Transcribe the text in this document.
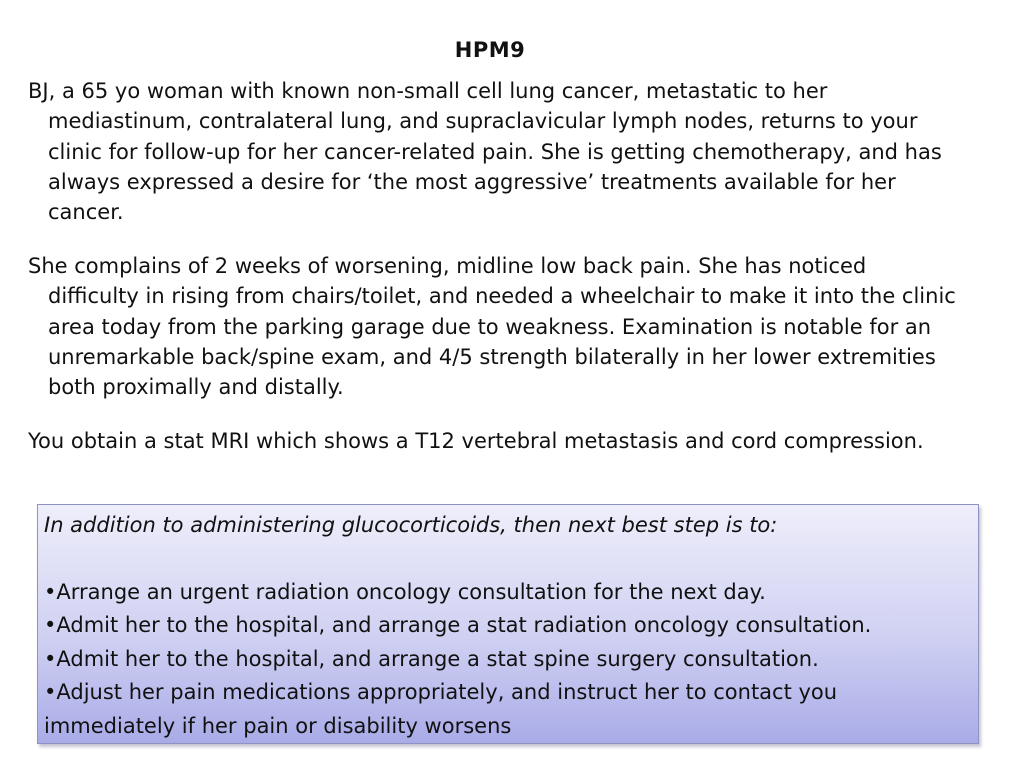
HPM9

BJ, a 65 yo woman with known non-small cell lung cancer, metastatic to her mediastinum, contralateral lung, and supraclavicular lymph nodes, returns to your clinic for follow-up for her cancer-related pain. She is getting chemotherapy, and has always expressed a desire for ‘the most aggressive’ treatments available for her cancer.

She complains of 2 weeks of worsening, midline low back pain. She has noticed difficulty in rising from chairs/toilet, and needed a wheelchair to make it into the clinic area today from the parking garage due to weakness. Examination is notable for an unremarkable back/spine exam, and 4/5 strength bilaterally in her lower extremities both proximally and distally.

You obtain a stat MRI which shows a T12 vertebral metastasis and cord compression.

In addition to administering glucocorticoids, then next best step is to:

•Arrange an urgent radiation oncology consultation for the next day.

•Admit her to the hospital, and arrange a stat radiation oncology consultation.

•Admit her to the hospital, and arrange a stat spine surgery consultation.

•Adjust her pain medications appropriately, and instruct her to contact you immediately if her pain or disability worsens
